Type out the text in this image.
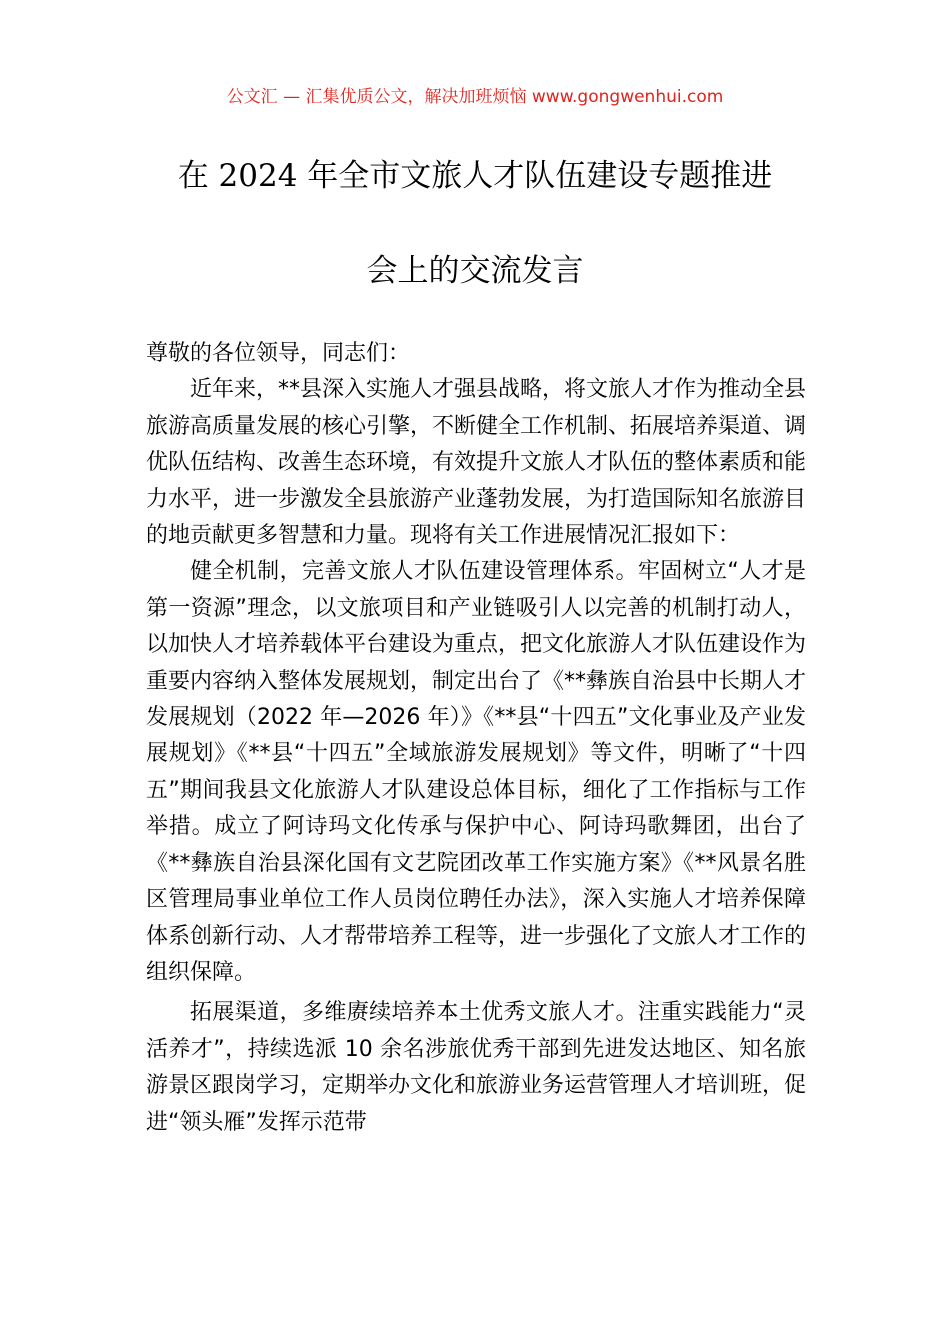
公文汇 — 汇集优质公文，解决加班烦恼 www.gongwenhui.com
在 2024 年全市文旅人才队伍建设专题推进
会上的交流发言

尊敬的各位领导，同志们：

近年来，**县深入实施人才强县战略，将文旅人才作为推动全县旅游高质量发展的核心引擎，不断健全工作机制、拓展培养渠道、调优队伍结构、改善生态环境，有效提升文旅人才队伍的整体素质和能力水平，进一步激发全县旅游产业蓬勃发展，为打造国际知名旅游目的地贡献更多智慧和力量。现将有关工作进展情况汇报如下：

健全机制，完善文旅人才队伍建设管理体系。牢固树立“人才是第一资源”理念，以文旅项目和产业链吸引人以完善的机制打动人，以加快人才培养载体平台建设为重点，把文化旅游人才队伍建设作为重要内容纳入整体发展规划，制定出台了《**彝族自治县中长期人才发展规划（2022 年—2026 年）》《**县“十四五”文化事业及产业发展规划》《**县“十四五”全域旅游发展规划》等文件，明晰了“十四五”期间我县文化旅游人才队建设总体目标，细化了工作指标与工作举措。成立了阿诗玛文化传承与保护中心、阿诗玛歌舞团，出台了《**彝族自治县深化国有文艺院团改革工作实施方案》《**风景名胜区管理局事业单位工作人员岗位聘任办法》，深入实施人才培养保障体系创新行动、人才帮带培养工程等，进一步强化了文旅人才工作的组织保障。

拓展渠道，多维赓续培养本土优秀文旅人才。注重实践能力“灵活养才”，持续选派 10 余名涉旅优秀干部到先进发达地区、知名旅游景区跟岗学习，定期举办文化和旅游业务运营管理人才培训班，促进“领头雁”发挥示范带
